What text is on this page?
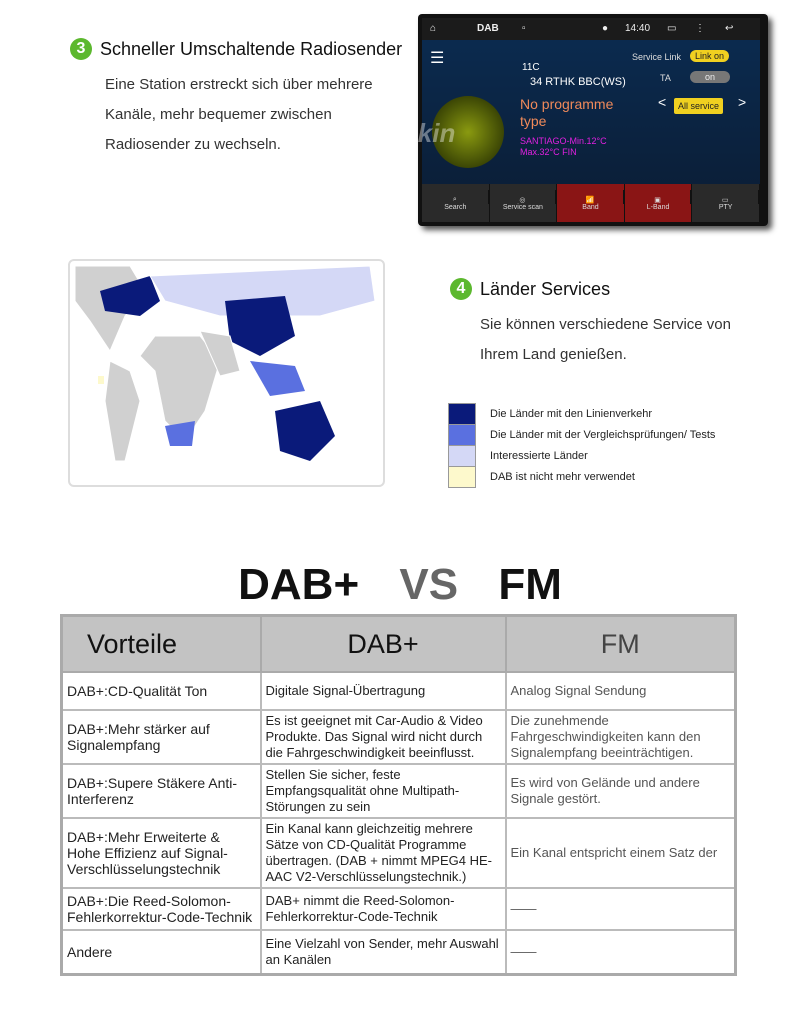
3 Schneller Umschaltende Radiosender
Eine Station erstreckt sich über mehrere
Kanäle, mehr bequemer zwischen
Radiosender zu wechseln.
⌂	DAB ▫	● 14:40 ▭ ⋮ ↩
☰
11C
34 RTHK BBC(WS)
No programme type
SANTIAGO-Min.12°C
Max.32°C FIN
Service Link	Link on
TA	on
<	All service >
pumpkin
⌕
Search
◎
Service scan
📶
Band
▣
L-Band
▭
PTY
4 Länder Services
Sie können verschiedene Service von
Ihrem Land genießen.
Die Länder mit den Linienverkehr
Die Länder mit der Vergleichsprüfungen/ Tests
Interessierte Länder
DAB ist nicht mehr verwendet
DAB+ VS FM
Vorteile	DAB+	FM
DAB+:CD-Qualität Ton	Digitale Signal-Übertragung	Analog Signal Sendung
DAB+:Mehr stärker auf Signalempfang	Es ist geeignet mit Car-Audio & Video Produkte. Das Signal wird nicht durch die Fahrgeschwindigkeit beeinflusst.	Die zunehmende Fahrgeschwindigkeiten kann den Signalempfang beeinträchtigen.
DAB+:Supere Stäkere Anti-Interferenz	Stellen Sie sicher, feste Empfangsqualität ohne Multipath-Störungen zu sein	Es wird von Gelände und andere Signale gestört.
DAB+:Mehr Erweiterte & Hohe Effizienz auf Signal-Verschlüsselungstechnik	Ein Kanal kann gleichzeitig mehrere Sätze von CD-Qualität Programme übertragen. (DAB + nimmt MPEG4 HE-AAC V2-Verschlüsselungstechnik.)	Ein Kanal entspricht einem Satz der
DAB+:Die Reed-Solomon-Fehlerkorrektur-Code-Technik	DAB+ nimmt die Reed-Solomon-Fehlerkorrektur-Code-Technik	——
Andere	Eine Vielzahl von Sender, mehr Auswahl an Kanälen	——
